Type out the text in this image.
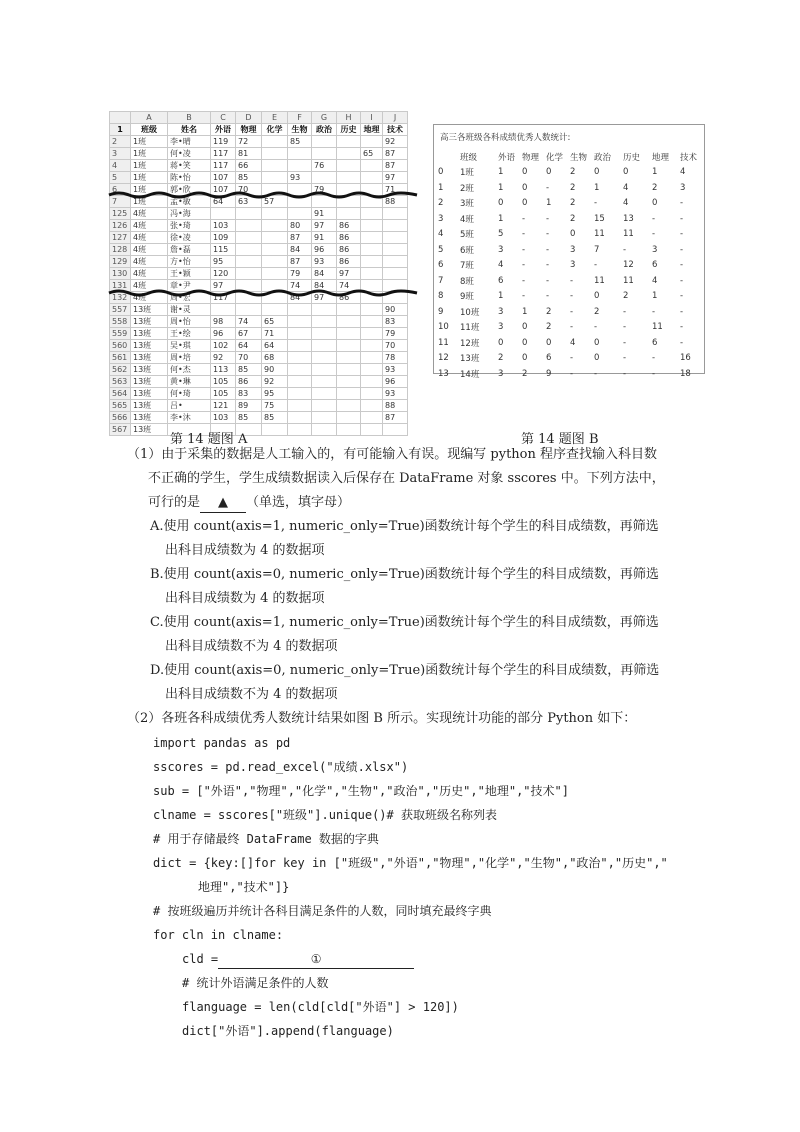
	A	B	C	D	E	F	G	H	I	J
1	班级	姓名	外语	物理	化学	生物	政治	历史	地理	技术
2	1班	李•晴	119	72		85				92
3	1班	何•凌	117	81					65	87
4	1班	蒋•笑	117	66			76			87
5	1班	陈•怡	107	85		93				97
6	1班	郭•欣	107	70			79			71
7	1班	孟•敏	64	63	57					88
125	4班	冯•海					91			
126	4班	张•琦	103			80	97	86		
127	4班	徐•凌	109			87	91	86		
128	4班	詹•磊	115			84	96	86		
129	4班	方•怡	95			87	93	86		
130	4班	王•颖	120			79	84	97		
131	4班	章•尹	97			74	84	74		
132	4班	周•宏	117			84	97	86		
557	13班	谢•灵								90
558	13班	周•怡	98	74	65					83
559	13班	王•绘	96	67	71					79
560	13班	吴•琪	102	64	64					70
561	13班	周•培	92	70	68					78
562	13班	何•杰	113	85	90					93
563	13班	黄•琳	105	86	92					96
564	13班	何•琦	105	83	95					93
565	13班	吕•	121	89	75					88
566	13班	李•沐	103	85	85					87
567	13班									
高三各班级各科成绩优秀人数统计:
	班级	外语	物理	化学	生物	政治	历史	地理	技术
0	1班	1	0	0	2	0	0	1	4
1	2班	1	0	-	2	1	4	2	3
2	3班	0	0	1	2	-	4	0	-
3	4班	1	-	-	2	15	13	-	-
4	5班	5	-	-	0	11	11	-	-
5	6班	3	-	-	3	7	-	3	-
6	7班	4	-	-	3	-	12	6	-
7	8班	6	-	-	-	11	11	4	-
8	9班	1	-	-	-	0	2	1	-
9	10班	3	1	2	-	2	-	-	-
10	11班	3	0	2	-	-	-	11	-
11	12班	0	0	0	4	0	-	6	-
12	13班	2	0	6	-	0	-	-	16
13	14班	3	2	9	-	-	-	-	18
第 14 题图 A	第 14 题图 B
（1）由于采集的数据是人工输入的，有可能输入有误。现编写 python 程序查找输入科目数
不正确的学生，学生成绩数据读入后保存在 DataFrame 对象 sscores 中。下列方法中，
可行的是 ▲ （单选，填字母）
A.使用 count(axis=1, numeric_only=True)函数统计每个学生的科目成绩数，再筛选
出科目成绩数为 4 的数据项
B.使用 count(axis=0, numeric_only=True)函数统计每个学生的科目成绩数，再筛选
出科目成绩数为 4 的数据项
C.使用 count(axis=1, numeric_only=True)函数统计每个学生的科目成绩数，再筛选
出科目成绩数不为 4 的数据项
D.使用 count(axis=0, numeric_only=True)函数统计每个学生的科目成绩数，再筛选
出科目成绩数不为 4 的数据项
（2）各班各科成绩优秀人数统计结果如图 B 所示。实现统计功能的部分 Python 如下：
import pandas as pd
sscores = pd.read_excel("成绩.xlsx")
sub = ["外语","物理","化学","生物","政治","历史","地理","技术"]
clname = sscores["班级"].unique()# 获取班级名称列表
# 用于存储最终 DataFrame 数据的字典
dict = {key:[]for key in ["班级","外语","物理","化学","生物","政治","历史","
地理","技术"]}
# 按班级遍历并统计各科目满足条件的人数，同时填充最终字典
for cln in clname:
cld =	①
# 统计外语满足条件的人数
flanguage = len(cld[cld["外语"] > 120])
dict["外语"].append(flanguage)
